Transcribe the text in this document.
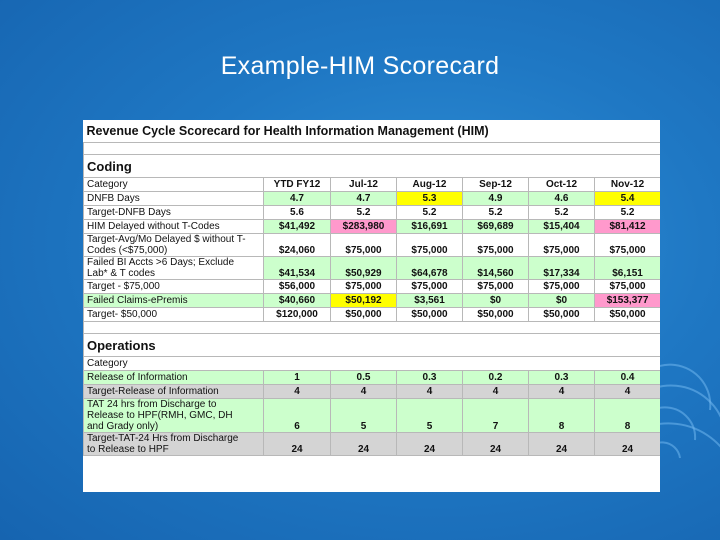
Example-HIM Scorecard
Revenue Cycle Scorecard for Health Information Management (HIM)						

Coding						
Category	YTD FY12	Jul-12	Aug-12	Sep-12	Oct-12	Nov-12

DNFB Days	4.7	4.7	5.3	4.9	4.6	5.4

Target-DNFB Days	5.6	5.2	5.2	5.2	5.2	5.2

HIM Delayed without T-Codes	$41,492	$283,980	$16,691	$69,689	$15,404	$81,412

Target-Avg/Mo Delayed $ without T-
Codes (<$75,000)	$24,060	$75,000	$75,000	$75,000	$75,000	$75,000

Failed BI Accts >6 Days; Exclude
Lab* & T codes	$41,534	$50,929	$64,678	$14,560	$17,334	$6,151

Target - $75,000	$56,000	$75,000	$75,000	$75,000	$75,000	$75,000

Failed Claims-ePremis	$40,660	$50,192	$3,561	$0	$0	$153,377

Target- $50,000	$120,000	$50,000	$50,000	$50,000	$50,000	$50,000

Operations						
Category						

Release of Information	1	0.5	0.3	0.2	0.3	0.4

Target-Release of Information	4	4	4	4	4	4

TAT 24 hrs from Discharge to
Release to HPF(RMH, GMC, DH
and Grady only)	6	5	5	7	8	8

Target-TAT-24 Hrs from Discharge
to Release to HPF	24	24	24	24	24	24
